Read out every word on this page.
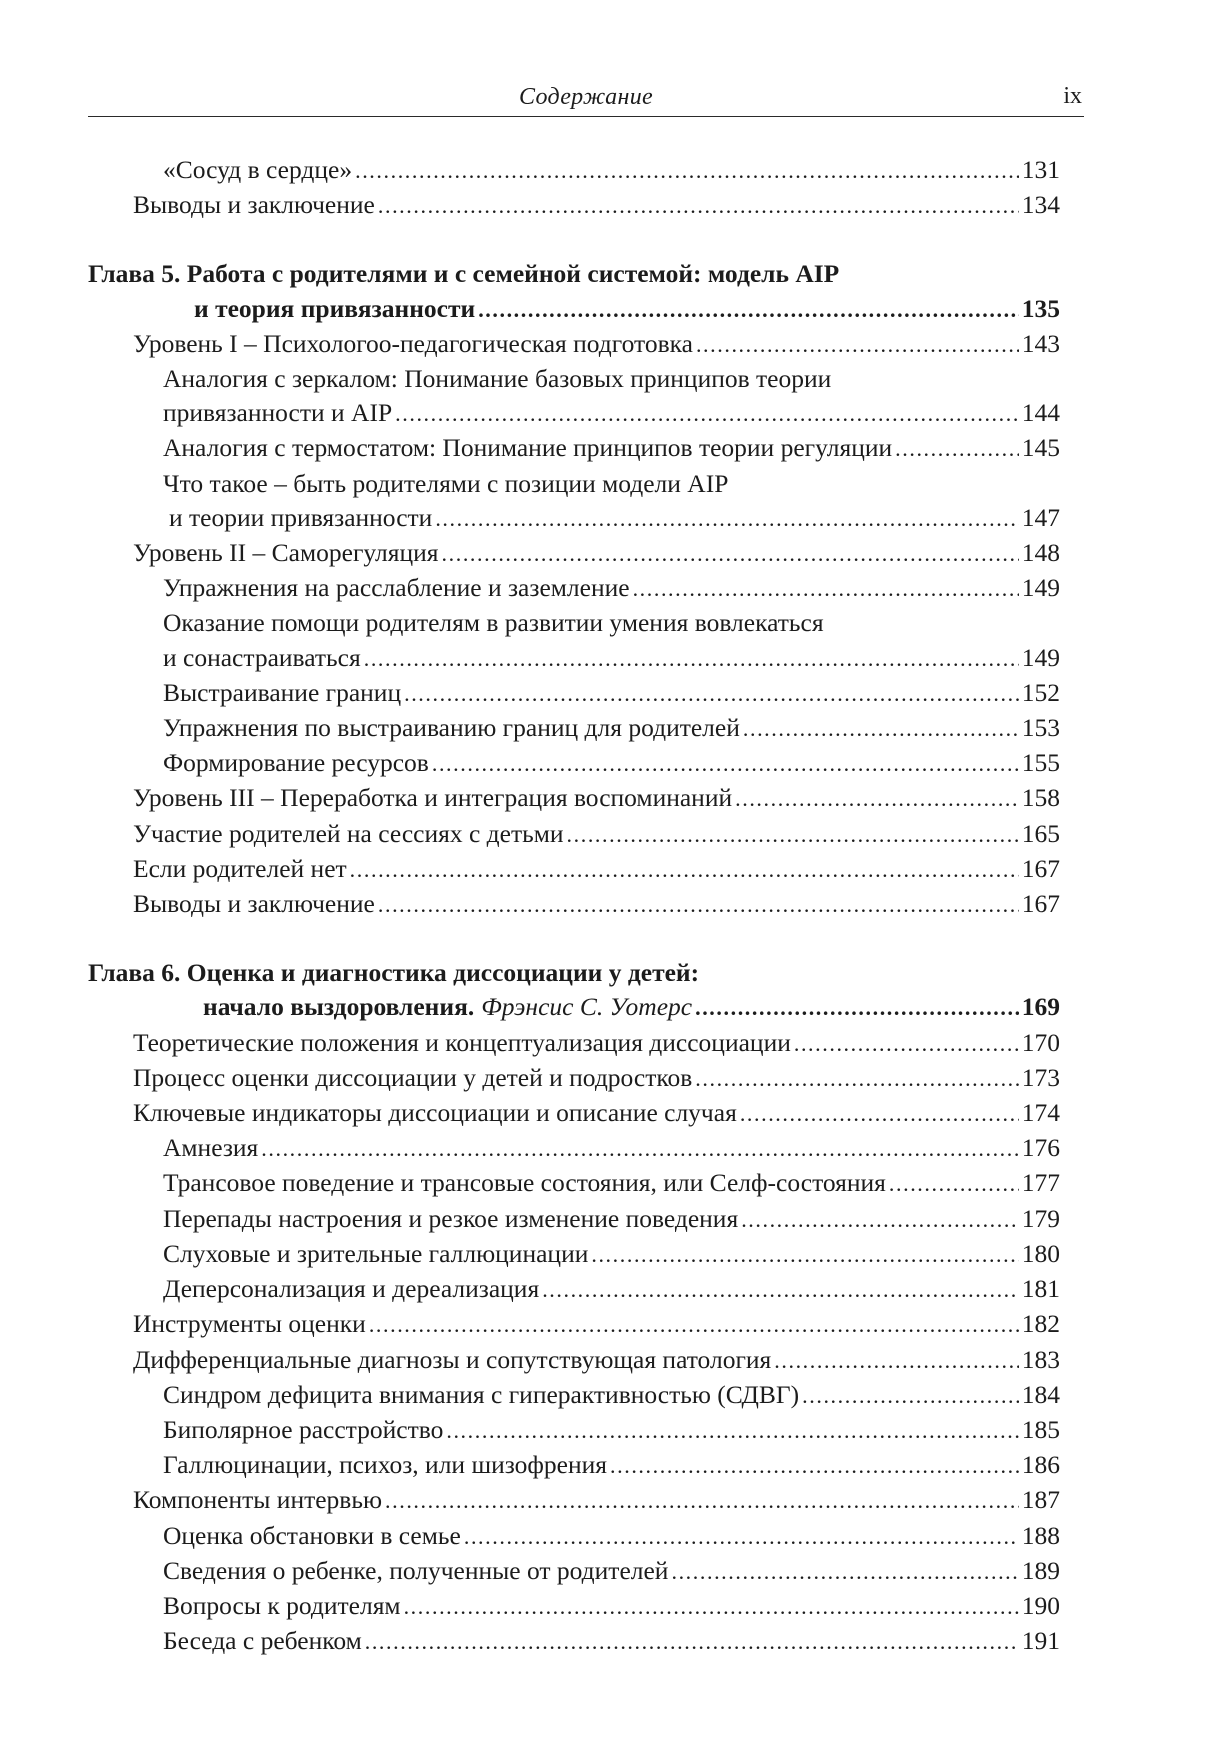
Содержание	ix
«Сосуд в сердце» .....	131
Выводы и заключение .....	134
Глава 5. Работа с родителями и с семейной системой: модель AIP
и теория привязанности .....	135
Уровень I – Психологоо-педагогическая подготовка .....	143
Аналогия с зеркалом: Понимание базовых принципов теории
привязанности и AIP .....	144
Аналогия с термостатом: Понимание принципов теории регуляции .....	145
Что такое – быть родителями с позиции модели AIP
и теории привязанности .....	147
Уровень II – Саморегуляция .....	148
Упражнения на расслабление и заземление .....	149
Оказание помощи родителям в развитии умения вовлекаться
и сонастраиваться .....	149
Выстраивание границ .....	152
Упражнения по выстраиванию границ для родителей .....	153
Формирование ресурсов .....	155
Уровень III – Переработка и интеграция воспоминаний .....	158
Участие родителей на сессиях с детьми .....	165
Если родителей нет .....	167
Выводы и заключение .....	167
Глава 6. Оценка и диагностика диссоциации у детей:
начало выздоровления. Фрэнсис С. Уотерс .....	169
Теоретические положения и концептуализация диссоциации .....	170
Процесс оценки диссоциации у детей и подростков .....	173
Ключевые индикаторы диссоциации и описание случая .....	174
Амнезия .....	176
Трансовое поведение и трансовые состояния, или Селф-состояния .....	177
Перепады настроения и резкое изменение поведения .....	179
Слуховые и зрительные галлюцинации .....	180
Деперсонализация и дереализация .....	181
Инструменты оценки .....	182
Дифференциальные диагнозы и сопутствующая патология .....	183
Синдром дефицита внимания с гиперактивностью (СДВГ) .....	184
Биполярное расстройство .....	185
Галлюцинации, психоз, или шизофрения .....	186
Компоненты интервью .....	187
Оценка обстановки в семье .....	188
Сведения о ребенке, полученные от родителей .....	189
Вопросы к родителям .....	190
Беседа с ребенком .....	191
